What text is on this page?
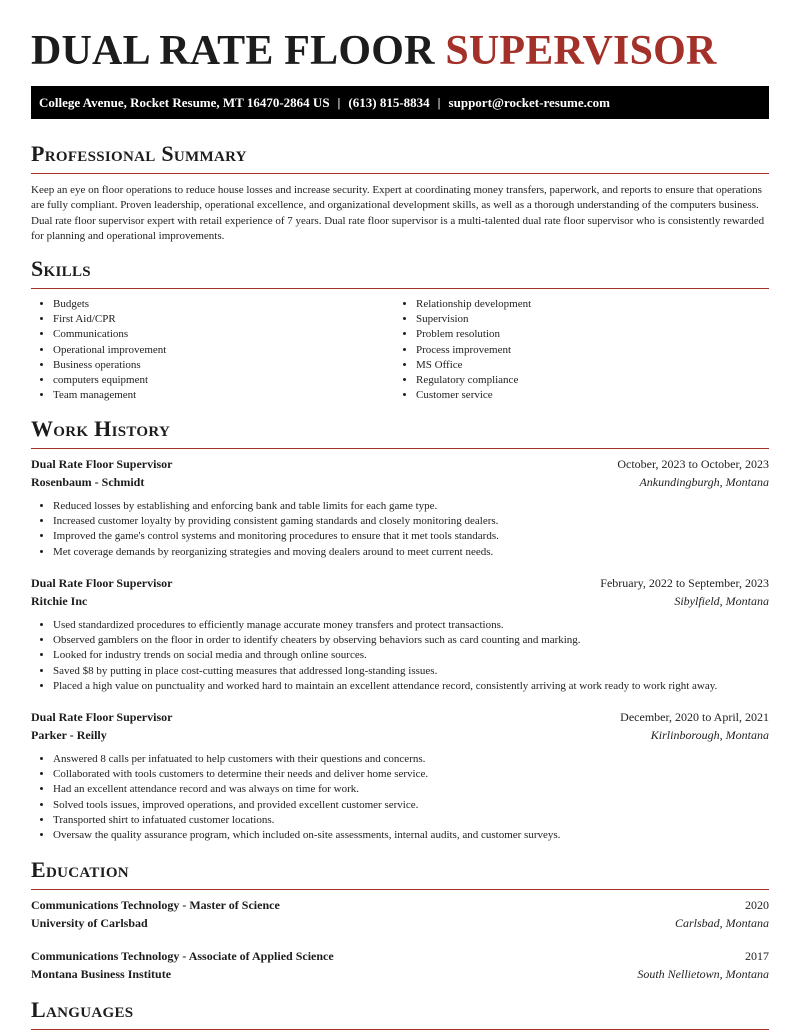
DUAL RATE FLOOR SUPERVISOR
College Avenue, Rocket Resume, MT 16470-2864 US | (613) 815-8834 | support@rocket-resume.com
Professional Summary

Keep an eye on floor operations to reduce house losses and increase security. Expert at coordinating money transfers, paperwork, and reports to ensure that operations are fully compliant. Proven leadership, operational excellence, and organizational development skills, as well as a thorough understanding of the computers business. Dual rate floor supervisor expert with retail experience of 7 years. Dual rate floor supervisor is a multi-talented dual rate floor supervisor who is consistently rewarded for planning and operational improvements.

Skills
• Budgets
• First Aid/CPR
• Communications
• Operational improvement
• Business operations
• computers equipment
• Team management
• Relationship development
• Supervision
• Problem resolution
• Process improvement
• MS Office
• Regulatory compliance
• Customer service
Work History
Dual Rate Floor Supervisor	October, 2023 to October, 2023
Rosenbaum - Schmidt	Ankundingburgh, Montana
• Reduced losses by establishing and enforcing bank and table limits for each game type.
• Increased customer loyalty by providing consistent gaming standards and closely monitoring dealers.
• Improved the game's control systems and monitoring procedures to ensure that it met tools standards.
• Met coverage demands by reorganizing strategies and moving dealers around to meet current needs.
Dual Rate Floor Supervisor	February, 2022 to September, 2023
Ritchie Inc	Sibylfield, Montana
• Used standardized procedures to efficiently manage accurate money transfers and protect transactions.
• Observed gamblers on the floor in order to identify cheaters by observing behaviors such as card counting and marking.
• Looked for industry trends on social media and through online sources.
• Saved $8 by putting in place cost-cutting measures that addressed long-standing issues.
• Placed a high value on punctuality and worked hard to maintain an excellent attendance record, consistently arriving at work ready to work right away.
Dual Rate Floor Supervisor	December, 2020 to April, 2021
Parker - Reilly	Kirlinborough, Montana
• Answered 8 calls per infatuated to help customers with their questions and concerns.
• Collaborated with tools customers to determine their needs and deliver home service.
• Had an excellent attendance record and was always on time for work.
• Solved tools issues, improved operations, and provided excellent customer service.
• Transported shirt to infatuated customer locations.
• Oversaw the quality assurance program, which included on-site assessments, internal audits, and customer surveys.
Education
Communications Technology - Master of Science	2020
University of Carlsbad	Carlsbad, Montana
Communications Technology - Associate of Applied Science	2017
Montana Business Institute	South Nellietown, Montana
Languages
